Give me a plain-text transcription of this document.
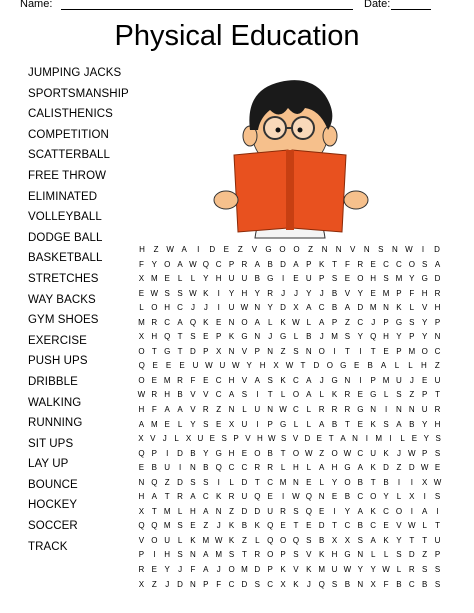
Name:	Date:
Physical Education
JUMPING JACKS
SPORTSMANSHIP
CALISTHENICS
COMPETITION
SCATTERBALL
FREE THROW
ELIMINATED
VOLLEYBALL
DODGE BALL
BASKETBALL
STRETCHES
WAY BACKS
GYM SHOES
EXERCISE
PUSH UPS
DRIBBLE
WALKING
RUNNING
SIT UPS
LAY UP
BOUNCE
HOCKEY
SOCCER
TRACK
H	Z W A	I	D	E	Z	V	G O O	Z	N	N	V	N	S	N W	I	D
F Y O A W Q C P R A B D A P K T F R E C C O S A
X M E L	L Y H U U B G	I	E U P S E O H S M Y G D
E W S S W K	I	Y H Y R J	J	Y	J	B V Y E M P F H R
L O H C J	J	I	U W N Y D X A C B A D M N K L V H
M R C A Q K E N O A L K W L A P Z C J	P G S Y P
X H Q T S E P K G N J G L B	J M S Y Q H Y P Y N
O T G T D P X N V P N Z S N O	I	T	I	T E P M O C
Q E	E	E U W U W Y H X W T	D O G E	B	A	L	L	H	Z
O E M R F E C H V A S K C A	J G N	I	P M U J	E U
W R H B V V C A S	I	T	L O A L K R E G L S Z P T
H F A A V R Z N L U N W C L R R R G N	I	N N U R
A M E L Y S E X U	I	P G L	L A B T E K S A B Y H
X V J L X U E S P V H W S V D E T A N I M I	L E Y S
Q P	I	D B Y G H E O B T O W Z O W C U K	J W P S
E B U	I	N B Q C C R R L H L A H G A K D Z D W E
N Q Z D S S	I	L D T C M N E L Y O B T B	I	I	X W
H A T R A C K R U Q E	I W Q N E B C O Y L X	I	S
X T M L H A N Z D D U R S Q E	I	Y A K C O	I	A	I
Q Q M S E Z	J	K B K Q E T E D T C B C E V W L	T
V O U L K M W K Z	L Q O Q S B X X S A K Y T T U
P	I	H S N A M S T R O P S V K H G N L	L S D Z P
R E Y	J	F A	J O M D P K V K M U W Y Y W L R S S
X Z	J D N P F C D S C X K	J Q S B N X F B C B S
